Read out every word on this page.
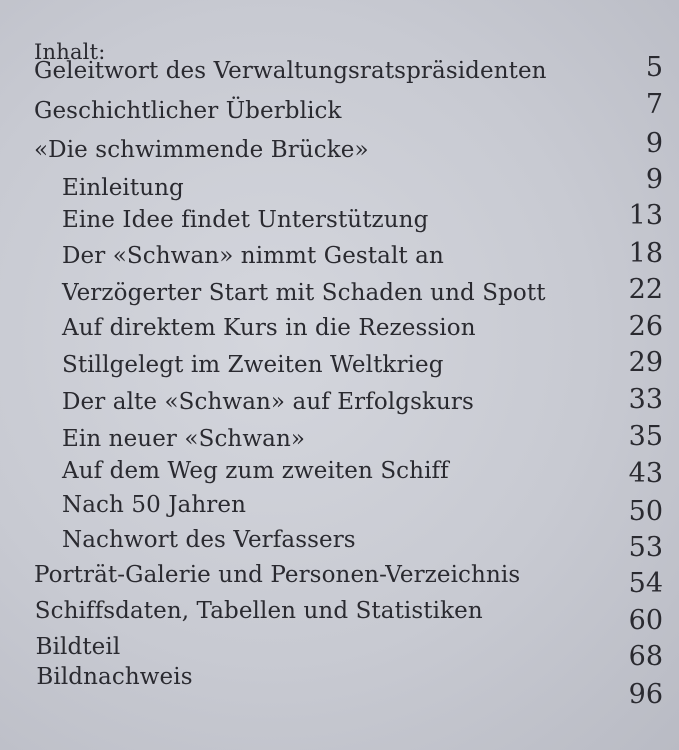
Inhalt:
Geleitwort des Verwaltungsratspräsidenten
Geschichtlicher Überblick
«Die schwimmende Brücke»
Einleitung
Eine Idee findet Unterstützung
Der «Schwan» nimmt Gestalt an
Verzögerter Start mit Schaden und Spott
Auf direktem Kurs in die Rezession
Stillgelegt im Zweiten Weltkrieg
Der alte «Schwan» auf Erfolgskurs
Ein neuer «Schwan»
Auf dem Weg zum zweiten Schiff
Nach 50 Jahren
Nachwort des Verfassers
Porträt-Galerie und Personen-Verzeichnis
Schiffsdaten, Tabellen und Statistiken
Bildteil
Bildnachweis
5
7
9
9
13
18
22
26
29
33
35
43
50
53
54
60
68
96
